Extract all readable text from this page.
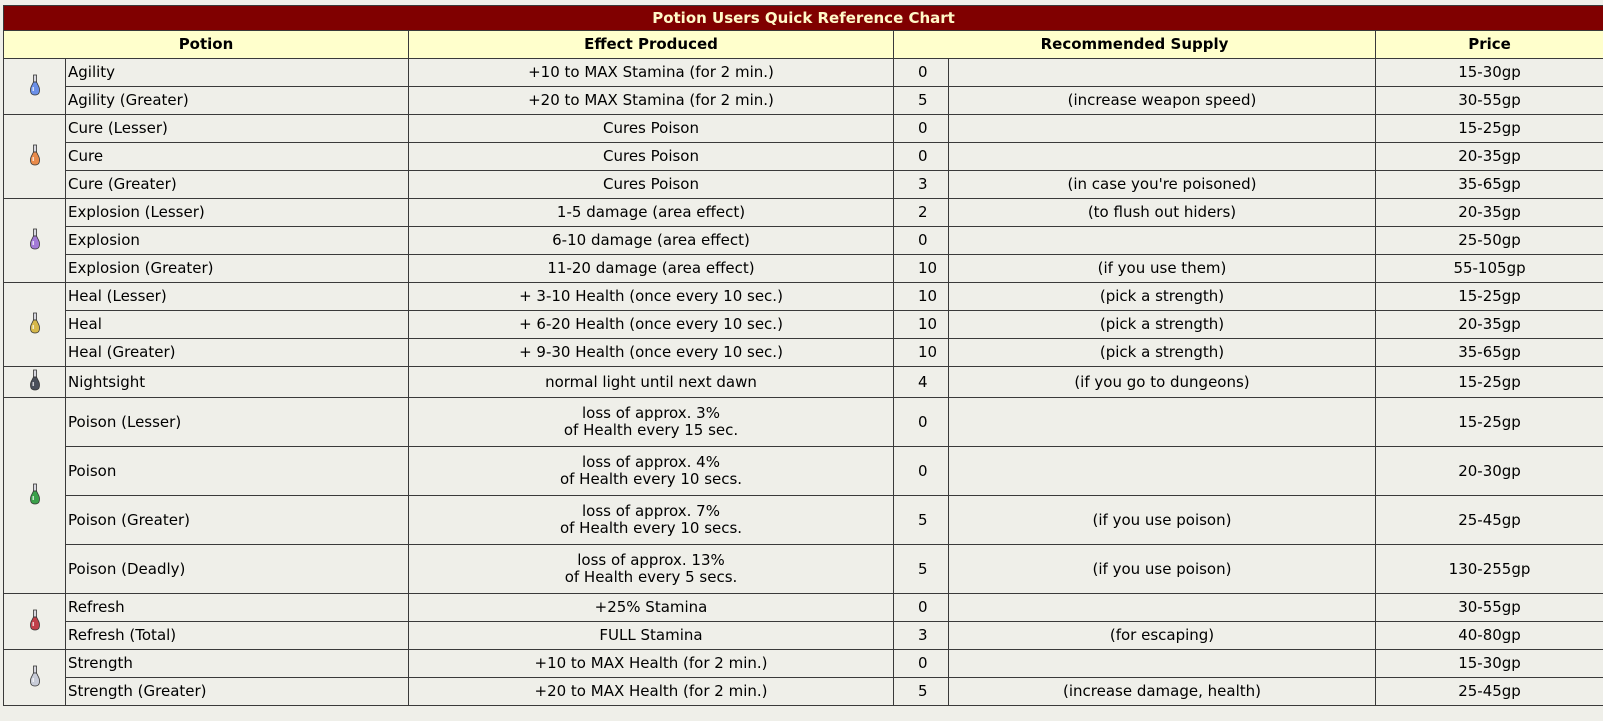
Potion Users Quick Reference Chart					
Potion		Effect Produced	Recommended Supply		Price
	Agility	+10 to MAX Stamina (for 2 min.)	0		15-30gp
	Agility (Greater)	+20 to MAX Stamina (for 2 min.)	5	(increase weapon speed)	30-55gp
	Cure (Lesser)	Cures Poison	0		15-25gp
	Cure	Cures Poison	0		20-35gp
	Cure (Greater)	Cures Poison	3	(in case you're poisoned)	35-65gp
	Explosion (Lesser)	1-5 damage (area effect)	2	(to flush out hiders)	20-35gp
	Explosion	6-10 damage (area effect)	0		25-50gp
	Explosion (Greater)	11-20 damage (area effect)	10	(if you use them)	55-105gp
	Heal (Lesser)	+ 3-10 Health (once every 10 sec.)	10	(pick a strength)	15-25gp
	Heal	+ 6-20 Health (once every 10 sec.)	10	(pick a strength)	20-35gp
	Heal (Greater)	+ 9-30 Health (once every 10 sec.)	10	(pick a strength)	35-65gp
	Nightsight	normal light until next dawn	4	(if you go to dungeons)	15-25gp
	Poison (Lesser)	loss of approx. 3%
of Health every 15 sec.	0		15-25gp
	Poison	loss of approx. 4%
of Health every 10 secs.	0		20-30gp
	Poison (Greater)	loss of approx. 7%
of Health every 10 secs.	5	(if you use poison)	25-45gp
	Poison (Deadly)	loss of approx. 13%
of Health every 5 secs.	5	(if you use poison)	130-255gp
	Refresh	+25% Stamina	0		30-55gp
	Refresh (Total)	FULL Stamina	3	(for escaping)	40-80gp
	Strength	+10 to MAX Health (for 2 min.)	0		15-30gp
	Strength (Greater)	+20 to MAX Health (for 2 min.)	5	(increase damage, health)	25-45gp
